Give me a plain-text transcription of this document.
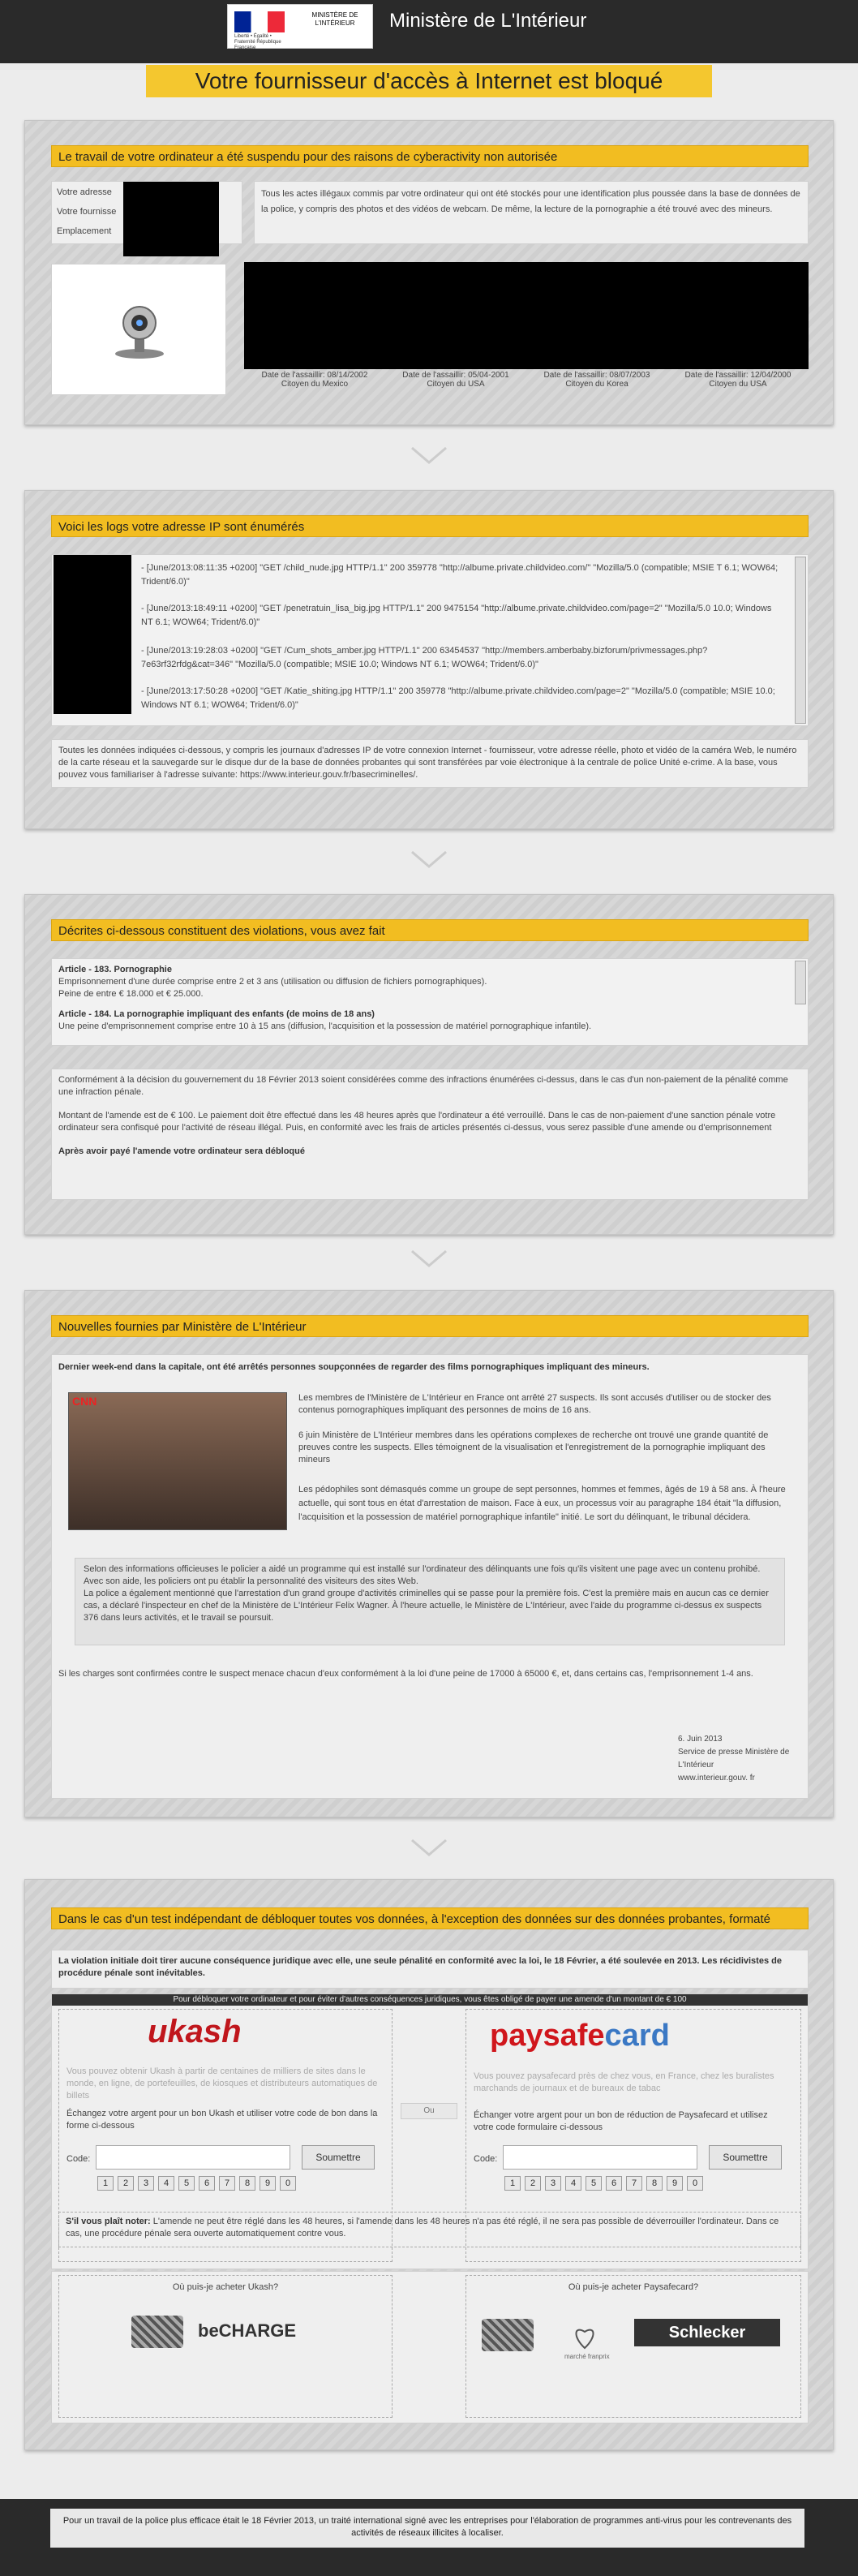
Liberté • Égalité • Fraternité République Française
MINISTÈRE DE L'INTÉRIEUR	Ministère de L'Intérieur
Votre fournisseur d'accès à Internet est bloqué
Le travail de votre ordinateur a été suspendu pour des raisons de cyberactivity non autorisée
Votre adresse
Votre fournisse
Emplacement
Tous les actes illégaux commis par votre ordinateur qui ont été stockés pour une identification plus poussée dans la base de données de la police, y compris des photos et des vidéos de webcam. De même, la lecture de la pornographie a été trouvé avec des mineurs.
Date de l'assaillir: 08/14/2002
Citoyen du Mexico
Date de l'assaillir: 05/04-2001
Citoyen du USA
Date de l'assaillir: 08/07/2003
Citoyen du Korea
Date de l'assaillir: 12/04/2000
Citoyen du USA
Voici les logs votre adresse IP sont énumérés
- [June/2013:08:11:35 +0200] "GET /child_nude.jpg HTTP/1.1" 200 359778 "http://albume.private.childvideo.com/" "Mozilla/5.0 (compatible; MSIE T 6.1; WOW64; Trident/6.0)"
- [June/2013:18:49:11 +0200] "GET /penetratuin_lisa_big.jpg HTTP/1.1" 200 9475154 "http://albume.private.childvideo.com/page=2" "Mozilla/5.0 10.0; Windows NT 6.1; WOW64; Trident/6.0)"
- [June/2013:19:28:03 +0200] "GET /Cum_shots_amber.jpg HTTP/1.1" 200 63454537 "http://members.amberbaby.bizforum/privmessages.php? 7e63rf32rfdg&cat=346" "Mozilla/5.0 (compatible; MSIE 10.0; Windows NT 6.1; WOW64; Trident/6.0)"
- [June/2013:17:50:28 +0200] "GET /Katie_shiting.jpg HTTP/1.1" 200 359778 "http://albume.private.childvideo.com/page=2" "Mozilla/5.0 (compatible; MSIE 10.0; Windows NT 6.1; WOW64; Trident/6.0)"
Toutes les données indiquées ci-dessous, y compris les journaux d'adresses IP de votre connexion Internet - fournisseur, votre adresse réelle, photo et vidéo de la caméra Web, le numéro de la carte réseau et la sauvegarde sur le disque dur de la base de données probantes qui sont transférées par voie électronique à la centrale de police Unité e-crime. A la base, vous pouvez vous familiariser à l'adresse suivante: https://www.interieur.gouv.fr/basecriminelles/.
Décrites ci-dessous constituent des violations, vous avez fait
Article - 183. Pornographie
Emprisonnement d'une durée comprise entre 2 et 3 ans (utilisation ou diffusion de fichiers pornographiques).
Peine de entre € 18.000 et € 25.000.
Article - 184. La pornographie impliquant des enfants (de moins de 18 ans)
Une peine d'emprisonnement comprise entre 10 à 15 ans (diffusion, l'acquisition et la possession de matériel pornographique infantile).
Conformément à la décision du gouvernement du 18 Février 2013 soient considérées comme des infractions énumérées ci-dessus, dans le cas d'un non-paiement de la pénalité comme une infraction pénale.
Montant de l'amende est de € 100. Le paiement doit être effectué dans les 48 heures après que l'ordinateur a été verrouillé. Dans le cas de non-paiement d'une sanction pénale votre ordinateur sera confisqué pour l'activité de réseau illégal. Puis, en conformité avec les frais de articles présentés ci-dessus, vous serez passible d'une amende ou d'emprisonnement
Après avoir payé l'amende votre ordinateur sera débloqué
Nouvelles fournies par Ministère de L'Intérieur
Dernier week-end dans la capitale, ont été arrêtés personnes soupçonnées de regarder des films pornographiques impliquant des mineurs.
CNN	Les membres de l'Ministère de L'Intérieur en France ont arrêté 27 suspects. Ils sont accusés d'utiliser ou de stocker des contenus pornographiques impliquant des personnes de moins de 16 ans.
6 juin Ministère de L'Intérieur membres dans les opérations complexes de recherche ont trouvé une grande quantité de preuves contre les suspects. Elles témoignent de la visualisation et l'enregistrement de la pornographie impliquant des mineurs
Les pédophiles sont démasqués comme un groupe de sept personnes, hommes et femmes, âgés de 19 à 58 ans. À l'heure actuelle, qui sont tous en état d'arrestation de maison. Face à eux, un processus voir au paragraphe 184 était "la diffusion, l'acquisition et la possession de matériel pornographique infantile" initié. Le sort du délinquant, le tribunal décidera.
Selon des informations officieuses le policier a aidé un programme qui est installé sur l'ordinateur des délinquants une fois qu'ils visitent une page avec un contenu prohibé. Avec son aide, les policiers ont pu établir la personnalité des visiteurs des sites Web.
La police a également mentionné que l'arrestation d'un grand groupe d'activités criminelles qui se passe pour la première fois. C'est la première mais en aucun cas ce dernier cas, a déclaré l'inspecteur en chef de la Ministère de L'Intérieur Felix Wagner. À l'heure actuelle, le Ministère de L'Intérieur, avec l'aide du programme ci-dessus ex suspects 376 dans leurs activités, et le travail se poursuit.
Si les charges sont confirmées contre le suspect menace chacun d'eux conformément à la loi d'une peine de 17000 à 65000 €, et, dans certains cas, l'emprisonnement 1-4 ans.
6. Juin 2013
Service de presse Ministère de
L'Intérieur
www.interieur.gouv. fr
Dans le cas d'un test indépendant de débloquer toutes vos données, à l'exception des données sur des données probantes, formaté
La violation initiale doit tirer aucune conséquence juridique avec elle, une seule pénalité en conformité avec la loi, le 18 Février, a été soulevée en 2013. Les récidivistes de procédure pénale sont inévitables.
Pour débloquer votre ordinateur et pour éviter d'autres conséquences juridiques, vous êtes obligé de payer une amende d'un montant de € 100
ukash
Vous pouvez obtenir Ukash à partir de centaines de milliers de sites dans le monde, en ligne, de portefeuilles, de kiosques et distributeurs automatiques de billets
Échangez votre argent pour un bon Ukash et utiliser votre code de bon dans la forme ci-dessous
Code:	Soumettre
1 2 3 4 5 6 7 8 9 0
Ou
paysafecard
Vous pouvez paysafecard près de chez vous, en France, chez les buralistes marchands de journaux et de bureaux de tabac
Échanger votre argent pour un bon de réduction de Paysafecard et utilisez votre code formulaire ci-dessous
Code:	Soumettre
1 2 3 4 5 6 7 8 9 0
S'il vous plaît noter: L'amende ne peut être réglé dans les 48 heures, si l'amende dans les 48 heures n'a pas été réglé, il ne sera pas possible de déverrouiller l'ordinateur. Dans ce cas, une procédure pénale sera ouverte automatiquement contre vous.
Où puis-je acheter Ukash?
beCHARGE
Où puis-je acheter Paysafecard?
marché franprix
Schlecker
Pour un travail de la police plus efficace était le 18 Février 2013, un traité international signé avec les entreprises pour l'élaboration de programmes anti-virus pour les contrevenants des activités de réseaux illicites à localiser.
